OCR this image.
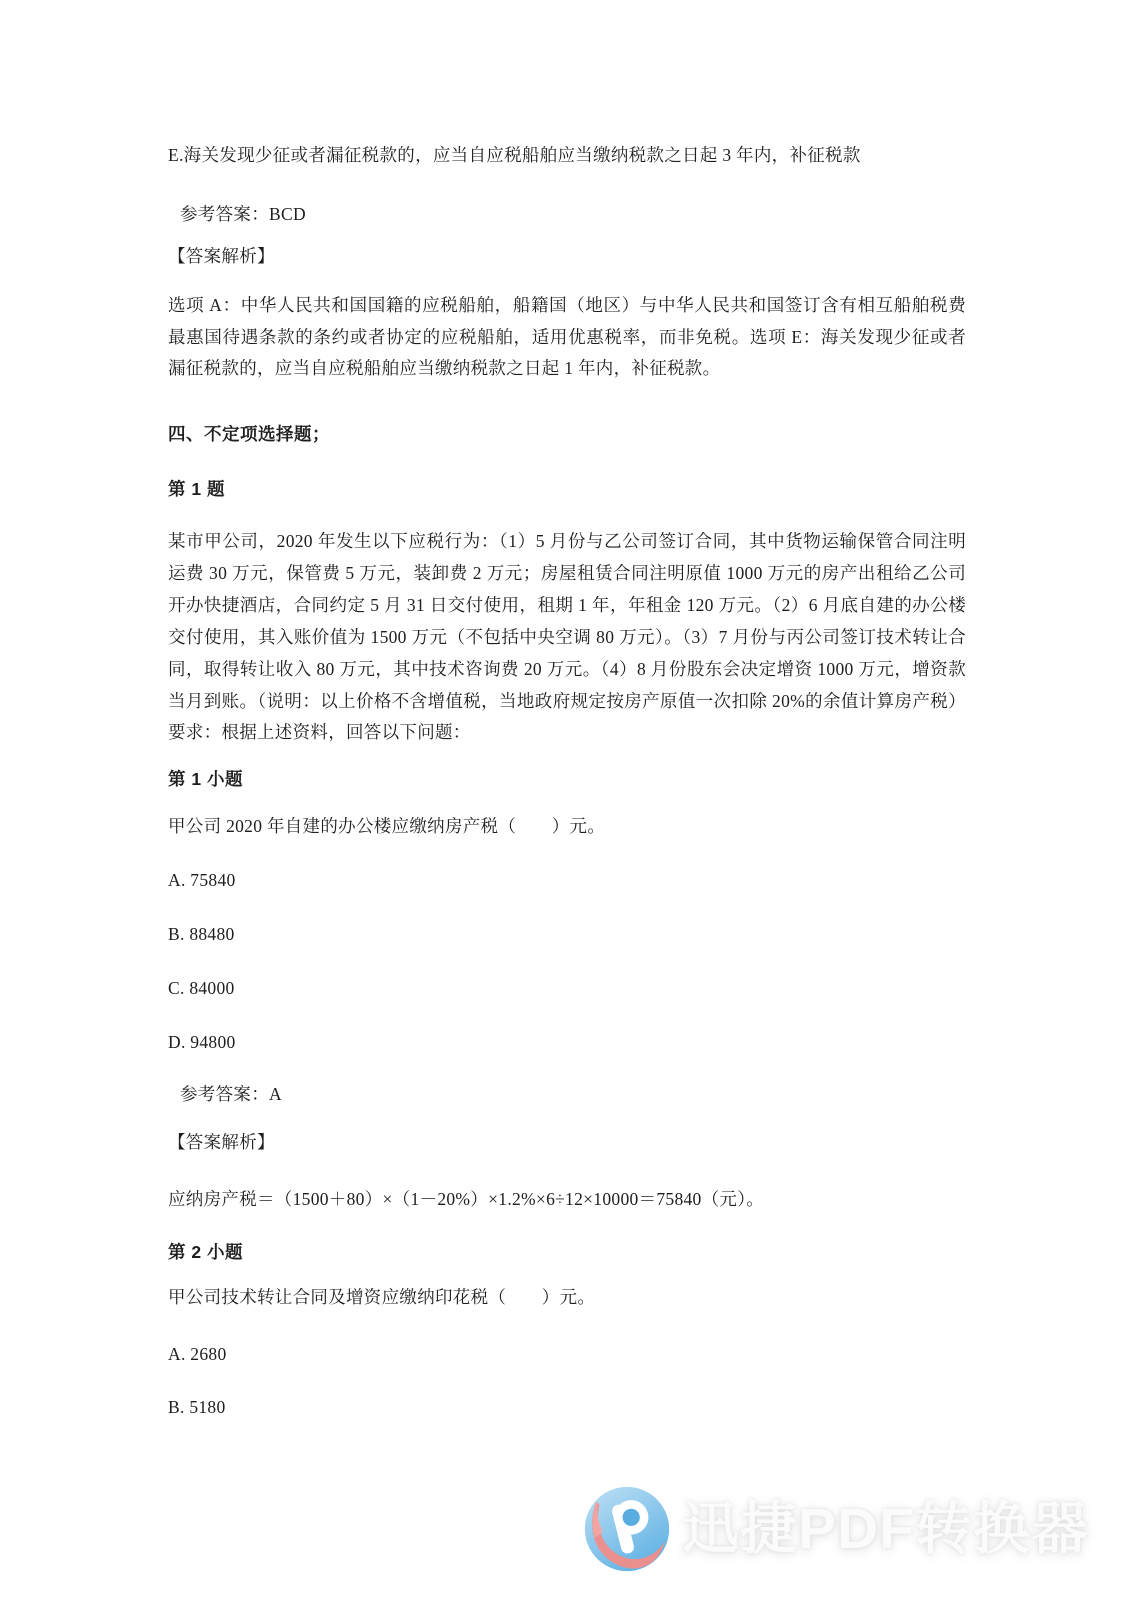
E.海关发现少征或者漏征税款的，应当自应税船舶应当缴纳税款之日起 3 年内，补征税款
参考答案：BCD
【答案解析】
选项 A：中华人民共和国国籍的应税船舶，船籍国（地区）与中华人民共和国签订含有相互船舶税费最惠国待遇条款的条约或者协定的应税船舶，适用优惠税率，而非免税。选项 E：海关发现少征或者漏征税款的，应当自应税船舶应当缴纳税款之日起 1 年内，补征税款。
四、不定项选择题；
第 1 题
某市甲公司，2020 年发生以下应税行为：（1）5 月份与乙公司签订合同，其中货物运输保管合同注明运费 30 万元，保管费 5 万元，装卸费 2 万元；房屋租赁合同注明原值 1000 万元的房产出租给乙公司开办快捷酒店，合同约定 5 月 31 日交付使用，租期 1 年，年租金 120 万元。（2）6 月底自建的办公楼交付使用，其入账价值为 1500 万元（不包括中央空调 80 万元）。（3）7 月份与丙公司签订技术转让合同，取得转让收入 80 万元，其中技术咨询费 20 万元。（4）8 月份股东会决定增资 1000 万元，增资款当月到账。（说明：以上价格不含增值税，当地政府规定按房产原值一次扣除 20%的余值计算房产税）要求：根据上述资料，回答以下问题：
第 1 小题
甲公司 2020 年自建的办公楼应缴纳房产税（　　）元。
A. 75840
B. 88480
C. 84000
D. 94800
参考答案：A
【答案解析】
应纳房产税＝（1500＋80）×（1－20%）×1.2%×6÷12×10000＝75840（元）。
第 2 小题
甲公司技术转让合同及增资应缴纳印花税（　　）元。
A. 2680
B. 5180
迅捷PDF转换器
